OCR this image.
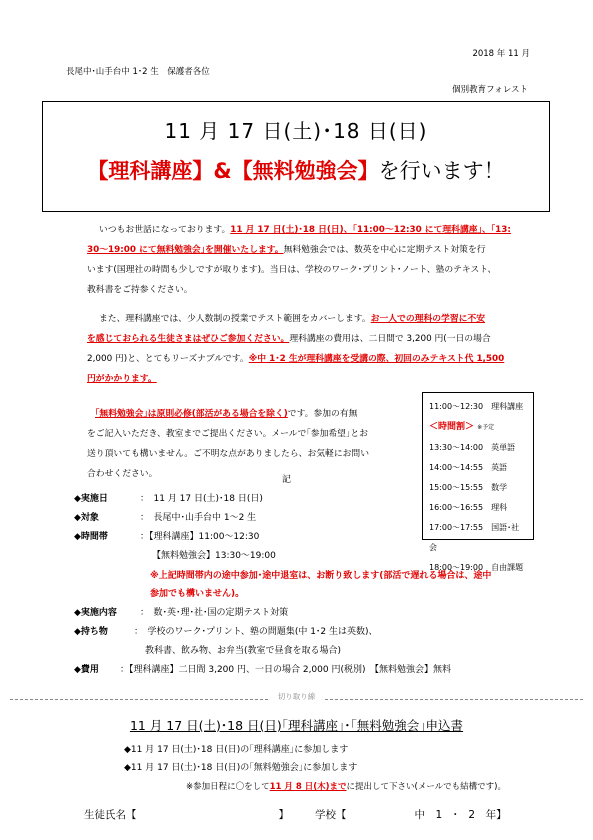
2018 年 11 月
長尾中･山手台中 1･2 生　保護者各位
個別教育フォレスト
11 月 17 日(土)･18 日(日)
【理科講座】&【無料勉強会】を行います！
いつもお世話になっております。11 月 17 日(土)･18 日(日)、｢11:00～12:30 にて理科講座｣、｢13:
30～19:00 にて無料勉強会｣を開催いたします。無料勉強会では、数英を中心に定期テスト対策を行
います(国理社の時間も少しですが取ります)。当日は、学校のワーク･プリント･ノート、塾のテキスト、
教科書をご持参ください。
また、理科講座では、少人数制の授業でテスト範囲をカバーします。お一人での理科の学習に不安
を感じておられる生徒さまはぜひご参加ください。理科講座の費用は、二日間で 3,200 円(一日の場合
2,000 円)と、とてもリーズナブルです。※中 1･2 生が理科講座を受講の際、初回のみテキスト代 1,500
円がかかります。
｢無料勉強会｣は原則必修(部活がある場合を除く)です。参加の有無
をご記入いただき、教室までご提出ください。メールで｢参加希望｣とお
送り頂いても構いません。ご不明な点がありましたら、お気軽にお問い
合わせください。
11:00～12:30　理科講座
＜時間割＞ ※予定
13:30～14:00　英単語
14:00～14:55　英語
15:00～15:55　数学
16:00～16:55　理科
17:00～17:55　国語･社会
18:00～19:00　自由課題
記
◆実施日	：　11 月 17 日(土)･18 日(日)
◆対象	：　長尾中･山手台中 1～2 生
◆時間帯	：【理科講座】11:00～12:30
【無料勉強会】13:30～19:00
※上記時間帯内の途中参加･途中退室は、お断り致します(部活で遅れる場合は、途中
参加でも構いません)。
◆実施内容	：　数･英･理･社･国の定期テスト対策
◆持ち物	：　学校のワーク･プリント、塾の問題集(中 1･2 生は英数)、
教科書、飲み物、お弁当(教室で昼食を取る場合)
◆費用 ：【理科講座】二日間 3,200 円、一日の場合 2,000 円(税別)　【無料勉強会】無料
切り取り線
11 月 17 日(土)･18 日(日)｢理科講座｣･｢無料勉強会｣申込書
◆11 月 17 日(土)･18 日(日)の｢理科講座｣に参加します
◆11 月 17 日(土)･18 日(日)の｢無料勉強会｣に参加します
※参加日程に〇をして11 月 8 日(木)までに提出して下さい(メールでも結構です)。
生徒氏名【	】 学校【	中　1　･　2　年】
